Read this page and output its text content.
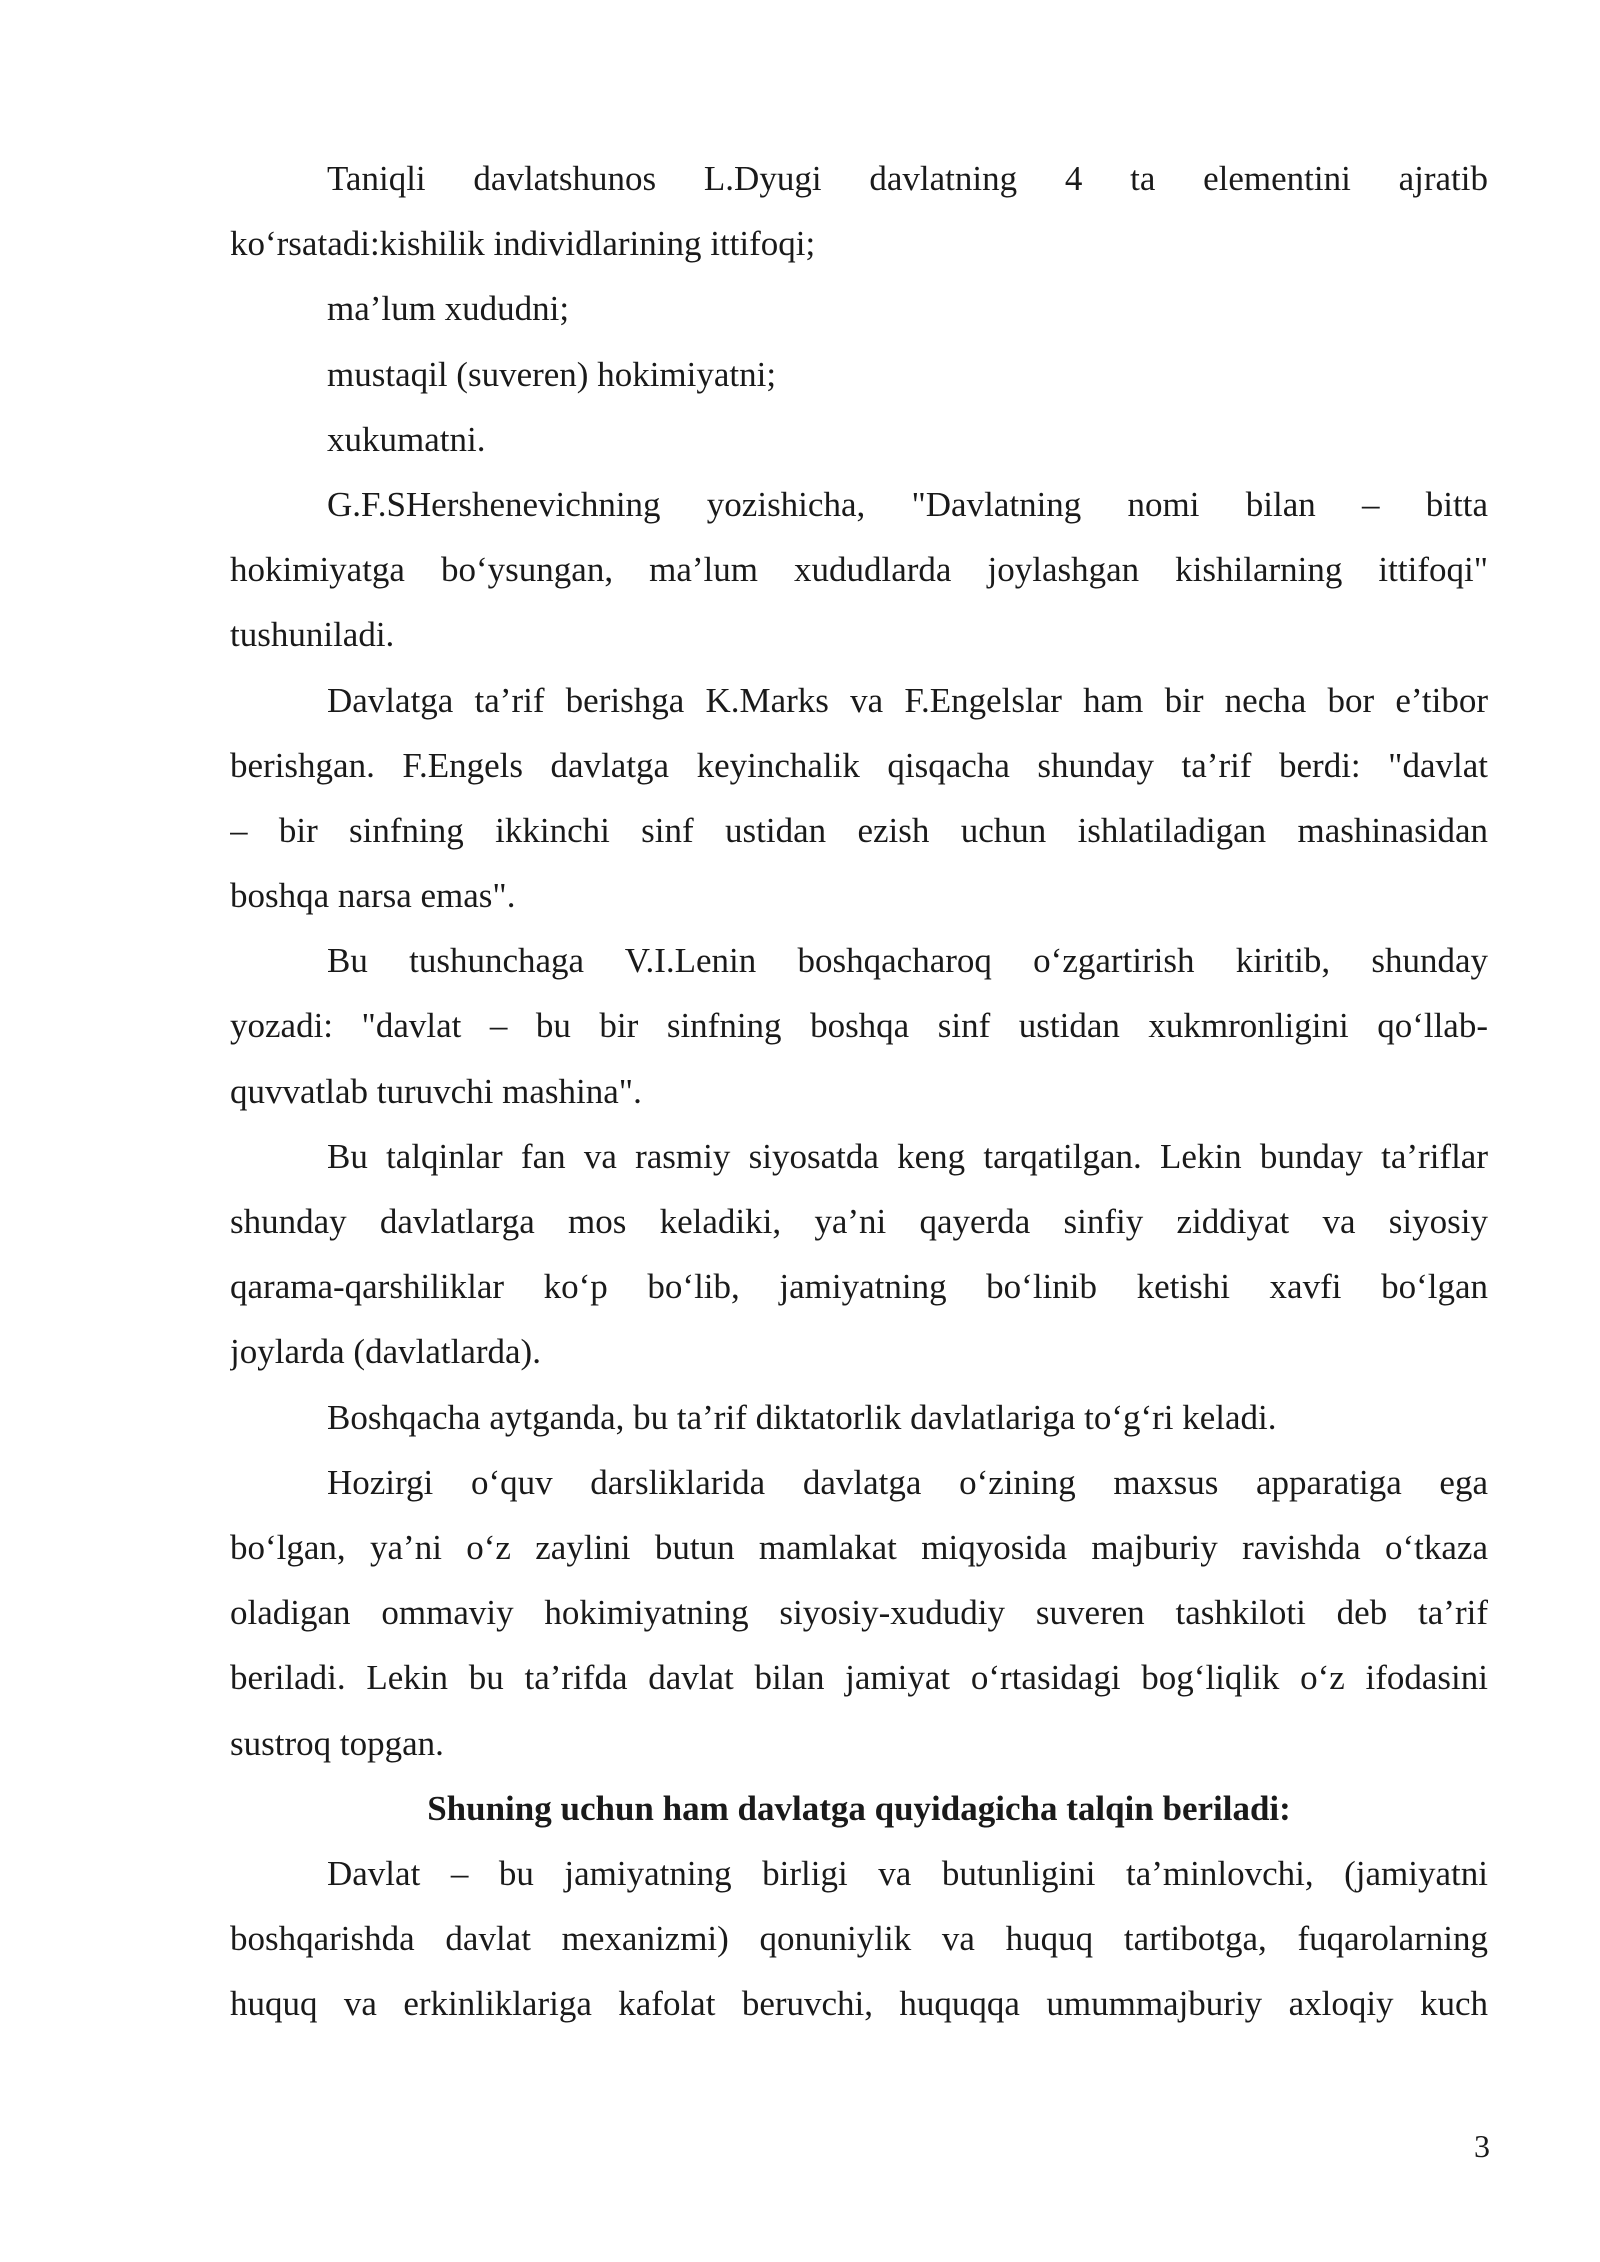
Taniqli davlatshunos L.Dyugi davlatning 4 ta elementini ajratib
koʻrsatadi:kishilik individlarining ittifoqi;
ma’lum xududni;
mustaqil (suveren) hokimiyatni;
xukumatni.
G.F.SHershenevichning yozishicha, "Davlatning nomi bilan – bitta
hokimiyatga boʻysungan, ma’lum xududlarda joylashgan kishilarning ittifoqi"
tushuniladi.
Davlatga ta’rif berishga K.Marks va F.Engelslar ham bir necha bor e’tibor
berishgan. F.Engels davlatga keyinchalik qisqacha shunday ta’rif berdi: "davlat
– bir sinfning ikkinchi sinf ustidan ezish uchun ishlatiladigan mashinasidan
boshqa narsa emas".
Bu tushunchaga V.I.Lenin boshqacharoq oʻzgartirish kiritib, shunday
yozadi: "davlat – bu bir sinfning boshqa sinf ustidan xukmronligini qoʻllab-
quvvatlab turuvchi mashina".
Bu talqinlar fan va rasmiy siyosatda keng tarqatilgan. Lekin bunday ta’riflar
shunday davlatlarga mos keladiki, ya’ni qayerda sinfiy ziddiyat va siyosiy
qarama-qarshiliklar koʻp boʻlib, jamiyatning boʻlinib ketishi xavfi boʻlgan
joylarda (davlatlarda).
Boshqacha aytganda, bu ta’rif diktatorlik davlatlariga toʻgʻri keladi.
Hozirgi oʻquv darsliklarida davlatga oʻzining maxsus apparatiga ega
boʻlgan, ya’ni oʻz zaylini butun mamlakat miqyosida majburiy ravishda oʻtkaza
oladigan ommaviy hokimiyatning siyosiy-xududiy suveren tashkiloti deb ta’rif
beriladi. Lekin bu ta’rifda davlat bilan jamiyat oʻrtasidagi bogʻliqlik oʻz ifodasini
sustroq topgan.
Shuning uchun ham davlatga quyidagicha talqin beriladi:
Davlat – bu jamiyatning birligi va butunligini ta’minlovchi, (jamiyatni
boshqarishda davlat mexanizmi) qonuniylik va huquq tartibotga, fuqarolarning
huquq va erkinliklariga kafolat beruvchi, huquqqa umummajburiy axloqiy kuch
3
